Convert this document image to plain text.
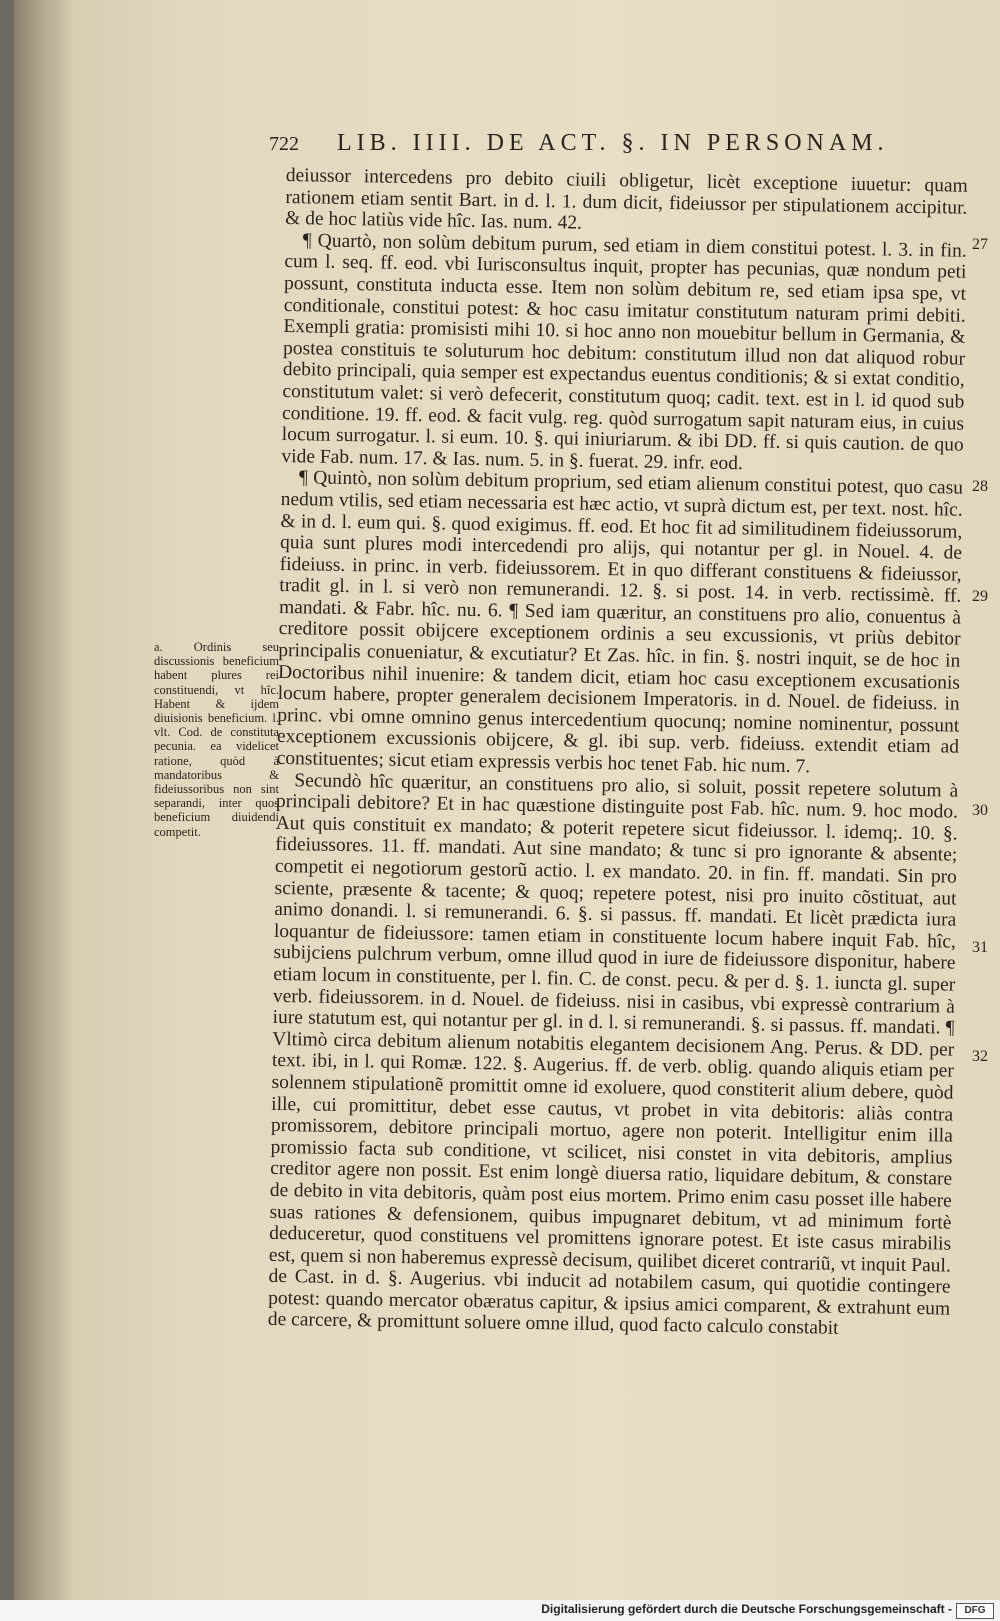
722 LIB. IIII. DE ACT. §. IN PERSONAM.

deiussor intercedens pro debito ciuili obligetur, licèt exceptione iuuetur: quam rationem etiam sentit Bart. in d. l. 1. dum dicit, fideiussor per stipulationem accipitur. & de hoc latiùs vide hîc. Ias. num. 42.

¶ Quartò, non solùm debitum purum, sed etiam in diem constitui potest. l. 3. in fin. cum l. seq. ff. eod. vbi Iurisconsultus inquit, propter has pecunias, quæ nondum peti possunt, constituta inducta esse. Item non solùm debitum re, sed etiam ipsa spe, vt conditionale, constitui potest: & hoc casu imitatur constitutum naturam primi debiti. Exempli gratia: promisisti mihi 10. si hoc anno non mouebitur bellum in Germania, & postea constituis te soluturum hoc debitum: constitutum illud non dat aliquod robur debito principali, quia semper est expectandus euentus conditionis; & si extat conditio, constitutum valet: si verò defecerit, constitutum quoq; cadit. text. est in l. id quod sub conditione. 19. ff. eod. & facit vulg. reg. quòd surrogatum sapit naturam eius, in cuius locum surrogatur. l. si eum. 10. §. qui iniuriarum. & ibi DD. ff. si quis caution. de quo vide Fab. num. 17. & Ias. num. 5. in §. fuerat. 29. infr. eod.

¶ Quintò, non solùm debitum proprium, sed etiam alienum constitui potest, quo casu nedum vtilis, sed etiam necessaria est hæc actio, vt suprà dictum est, per text. nost. hîc. & in d. l. eum qui. §. quod exigimus. ff. eod. Et hoc fit ad similitudinem fideiussorum, quia sunt plures modi intercedendi pro alijs, qui notantur per gl. in Nouel. 4. de fideiuss. in princ. in verb. fideiussorem. Et in quo differant constituens & fideiussor, tradit gl. in l. si verò non remunerandi. 12. §. si post. 14. in verb. rectissimè. ff. mandati. & Fabr. hîc. nu. 6. ¶ Sed iam quæritur, an constituens pro alio, conuentus à creditore possit obijcere exceptionem ordinis a seu excussionis, vt priùs debitor principalis conueniatur, & excutiatur? Et Zas. hîc. in fin. §. nostri inquit, se de hoc in Doctoribus nihil inuenire: & tandem dicit, etiam hoc casu exceptionem excusationis locum habere, propter generalem decisionem Imperatoris. in d. Nouel. de fideiuss. in princ. vbi omne omnino genus intercedentium quocunq; nomine nominentur, possunt exceptionem excussionis obijcere, & gl. ibi sup. verb. fideiuss. extendit etiam ad constituentes; sicut etiam expressis verbis hoc tenet Fab. hic num. 7.

Secundò hîc quæritur, an constituens pro alio, si soluit, possit repetere solutum à principali debitore? Et in hac quæstione distinguite post Fab. hîc. num. 9. hoc modo. Aut quis constituit ex mandato; & poterit repetere sicut fideiussor. l. idemq;. 10. §. fideiussores. 11. ff. mandati. Aut sine mandato; & tunc si pro ignorante & absente; competit ei negotiorum gestorũ actio. l. ex mandato. 20. in fin. ff. mandati. Sin pro sciente, præsente & tacente; & quoq; repetere potest, nisi pro inuito cõstituat, aut animo donandi. l. si remunerandi. 6. §. si passus. ff. mandati. Et licèt prædicta iura loquantur de fideiussore: tamen etiam in constituente locum habere inquit Fab. hîc, subijciens pulchrum verbum, omne illud quod in iure de fideiussore disponitur, habere etiam locum in constituente, per l. fin. C. de const. pecu. & per d. §. 1. iuncta gl. super verb. fideiussorem. in d. Nouel. de fideiuss. nisi in casibus, vbi expressè contrarium à iure statutum est, qui notantur per gl. in d. l. si remunerandi. §. si passus. ff. mandati. ¶ Vltimò circa debitum alienum notabitis elegantem decisionem Ang. Perus. & DD. per text. ibi, in l. qui Romæ. 122. §. Augerius. ff. de verb. oblig. quando aliquis etiam per solennem stipulationẽ promittit omne id exoluere, quod constiterit alium debere, quòd ille, cui promittitur, debet esse cautus, vt probet in vita debitoris: aliàs contra promissorem, debitore principali mortuo, agere non poterit. Intelligitur enim illa promissio facta sub conditione, vt scilicet, nisi constet in vita debitoris, amplius creditor agere non possit. Est enim longè diuersa ratio, liquidare debitum, & constare de debito in vita debitoris, quàm post eius mortem. Primo enim casu posset ille habere suas rationes & defensionem, quibus impugnaret debitum, vt ad minimum fortè deduceretur, quod constituens vel promittens ignorare potest. Et iste casus mirabilis est, quem si non haberemus expressè decisum, quilibet diceret contrariũ, vt inquit Paul. de Cast. in d. §. Augerius. vbi inducit ad notabilem casum, qui quotidie contingere potest: quando mercator obæratus capitur, & ipsius amici comparent, & extrahunt eum de carcere, & promittunt soluere omne illud, quod facto calculo constabit

a. Ordinis seu discussionis beneficium habent plures rei constituendi, vt hîc. Habent & ijdem diuisionis beneficium. l. vlt. Cod. de constituta pecunia. ea videlicet ratione, quòd à mandatoribus & fideiussoribus non sint separandi, inter quos beneficium diuidendi competit.
27
28
29
30
31
32
Digitalisierung gefördert durch die Deutsche Forschungsgemeinschaft -	DFG
